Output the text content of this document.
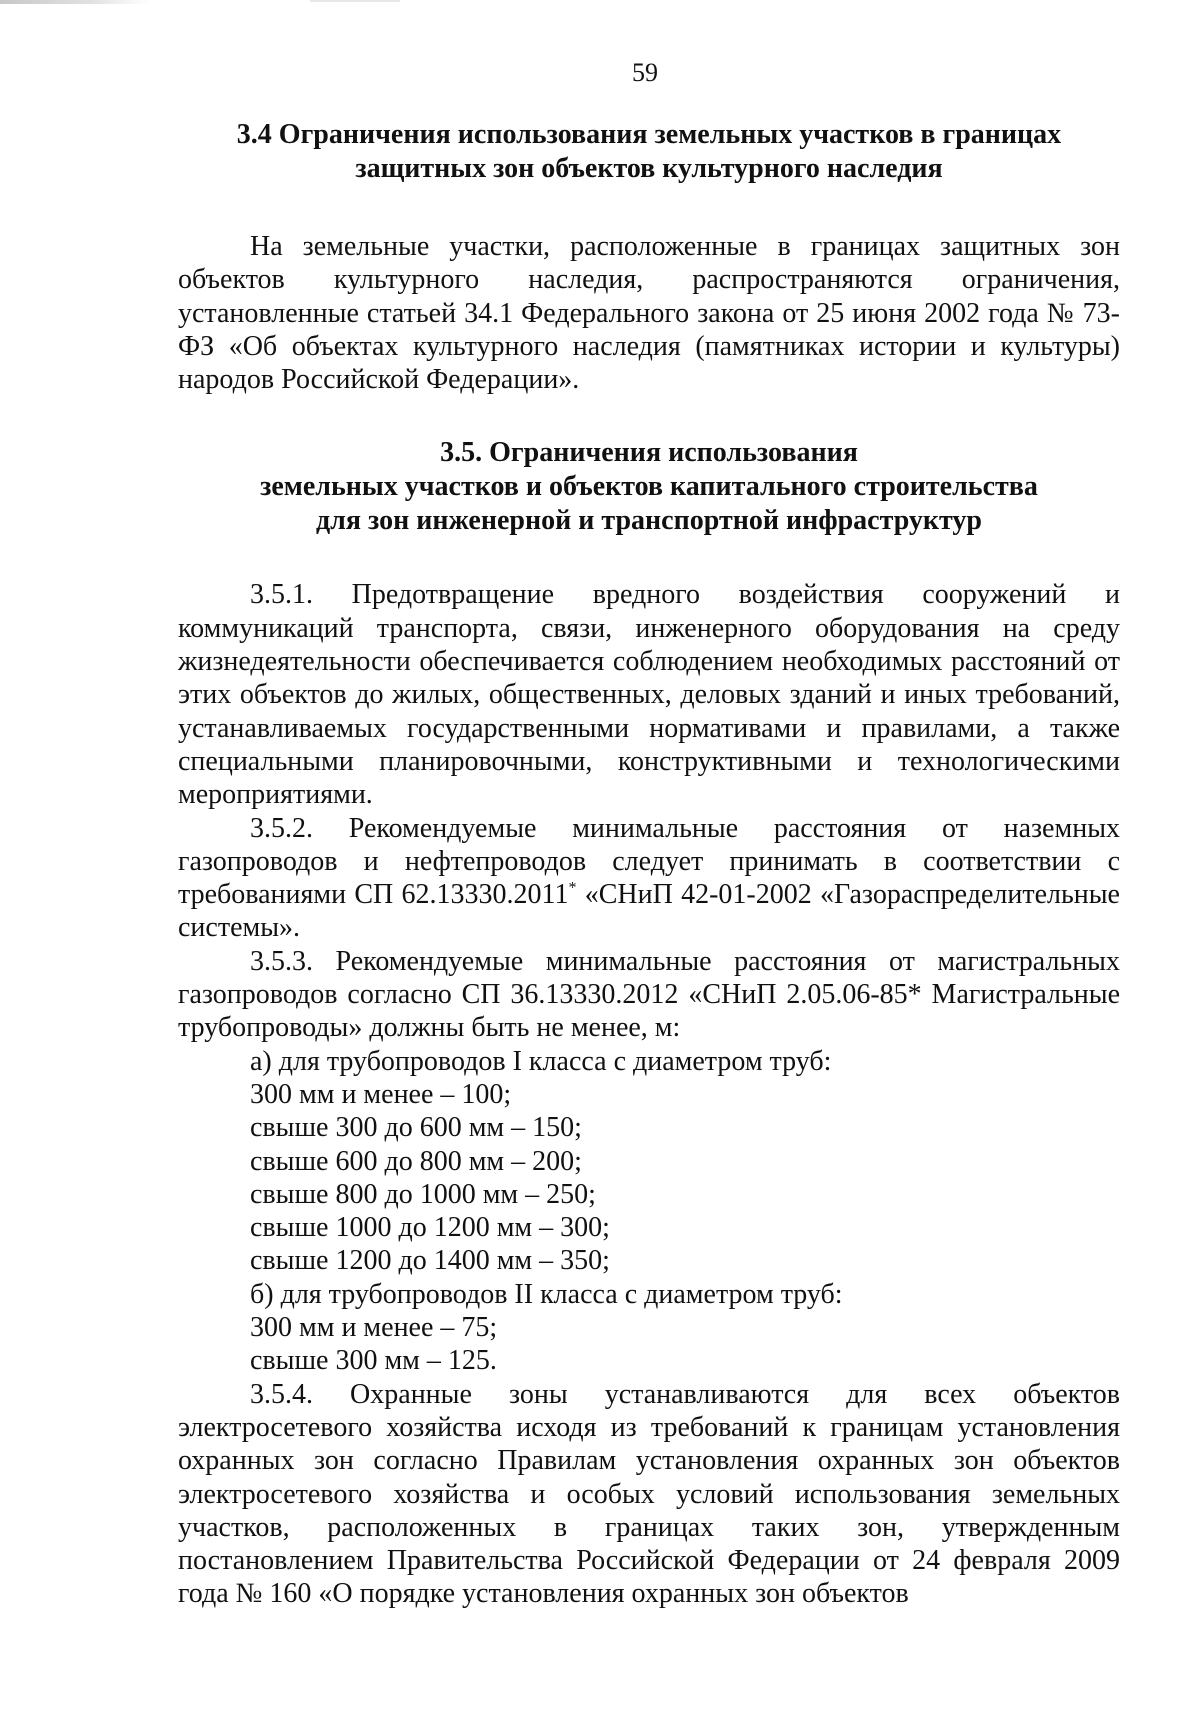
59
3.4 Ограничения использования земельных участков в границах
защитных зон объектов культурного наследия

На земельные участки, расположенные в границах защитных зон объектов культурного наследия, распространяются ограничения, установленные статьей 34.1 Федерального закона от 25 июня 2002 года № 73-ФЗ «Об объектах культурного наследия (памятниках истории и культуры) народов Российской Федерации».

3.5. Ограничения использования
земельных участков и объектов капитального строительства
для зон инженерной и транспортной инфраструктур

3.5.1. Предотвращение вредного воздействия сооружений и коммуникаций транспорта, связи, инженерного оборудования на среду жизнедеятельности обеспечивается соблюдением необходимых расстояний от этих объектов до жилых, общественных, деловых зданий и иных требований, устанавливаемых государственными нормативами и правилами, а также специальными планировочными, конструктивными и технологическими мероприятиями.

3.5.2. Рекомендуемые минимальные расстояния от наземных газопроводов и нефтепроводов следует принимать в соответствии с требованиями СП 62.13330.2011* «СНиП 42-01-2002 «Газораспределительные системы».

3.5.3. Рекомендуемые минимальные расстояния от магистральных газопроводов согласно СП 36.13330.2012 «СНиП 2.05.06-85* Магистральные трубопроводы» должны быть не менее, м:

а) для трубопроводов I класса с диаметром труб:
300 мм и менее – 100;
свыше 300 до 600 мм – 150;
свыше 600 до 800 мм – 200;
свыше 800 до 1000 мм – 250;
свыше 1000 до 1200 мм – 300;
свыше 1200 до 1400 мм – 350;
б) для трубопроводов II класса с диаметром труб:
300 мм и менее – 75;
свыше 300 мм – 125.

3.5.4. Охранные зоны устанавливаются для всех объектов электросетевого хозяйства исходя из требований к границам установления охранных зон согласно Правилам установления охранных зон объектов электросетевого хозяйства и особых условий использования земельных участков, расположенных в границах таких зон, утвержденным постановлением Правительства Российской Федерации от 24 февраля 2009 года № 160 «О порядке установления охранных зон объектов
